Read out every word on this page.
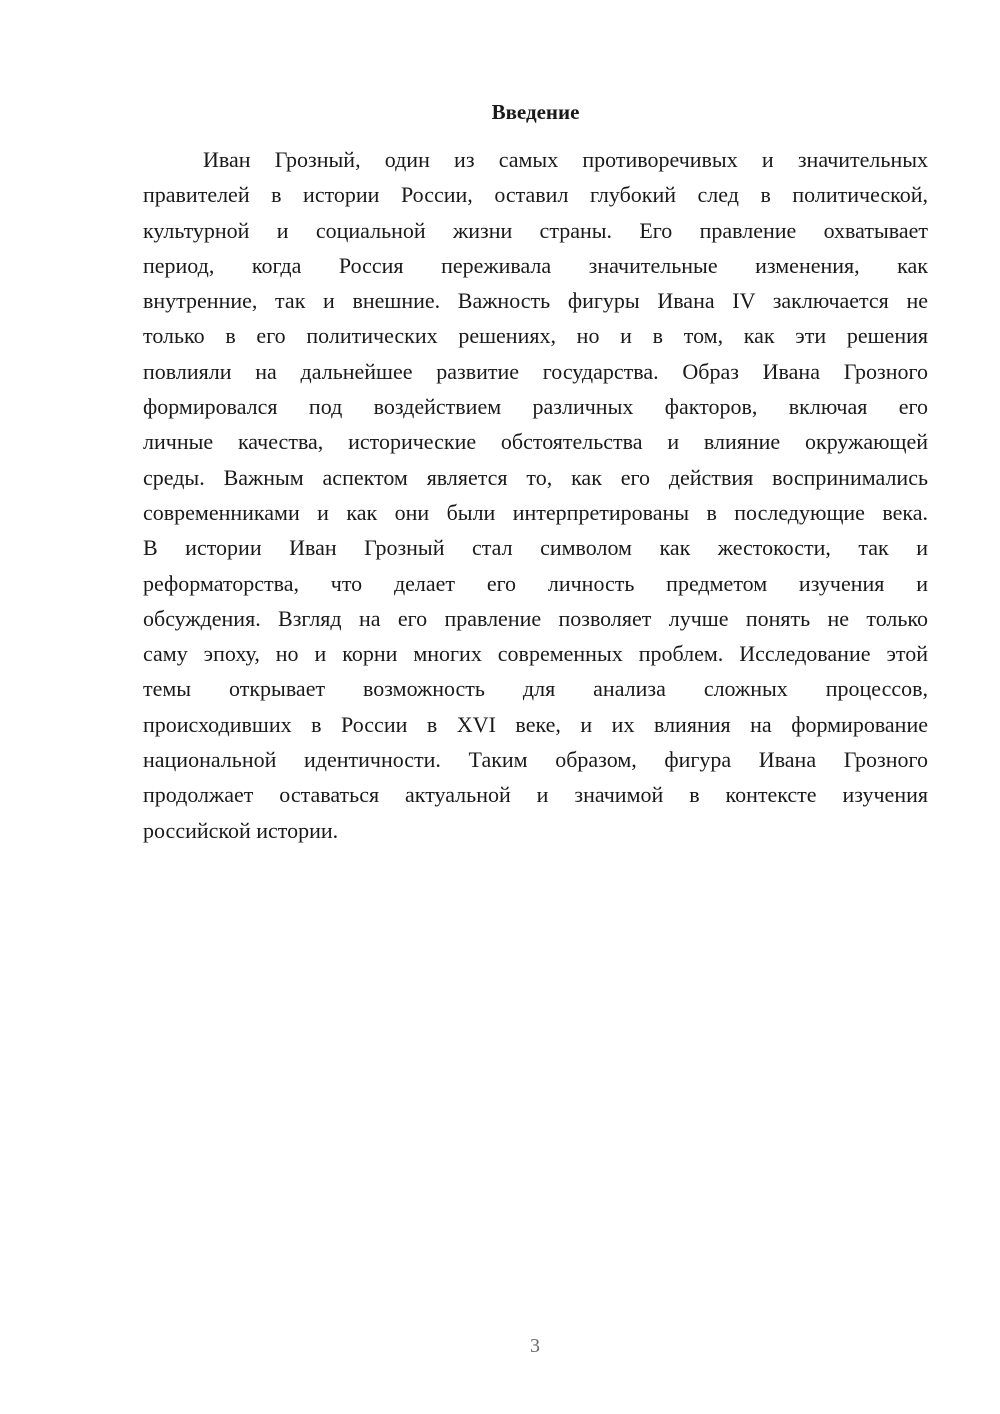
Введение

Иван Грозный, один из самых противоречивых и значительных
правителей в истории России, оставил глубокий след в политической,
культурной и социальной жизни страны. Его правление охватывает
период, когда Россия переживала значительные изменения, как
внутренние, так и внешние. Важность фигуры Ивана IV заключается не
только в его политических решениях, но и в том, как эти решения
повлияли на дальнейшее развитие государства. Образ Ивана Грозного
формировался под воздействием различных факторов, включая его
личные качества, исторические обстоятельства и влияние окружающей
среды. Важным аспектом является то, как его действия воспринимались
современниками и как они были интерпретированы в последующие века.
В истории Иван Грозный стал символом как жестокости, так и
реформаторства, что делает его личность предметом изучения и
обсуждения. Взгляд на его правление позволяет лучше понять не только
саму эпоху, но и корни многих современных проблем. Исследование этой
темы открывает возможность для анализа сложных процессов,
происходивших в России в XVI веке, и их влияния на формирование
национальной идентичности. Таким образом, фигура Ивана Грозного
продолжает оставаться актуальной и значимой в контексте изучения
российской истории.

3
